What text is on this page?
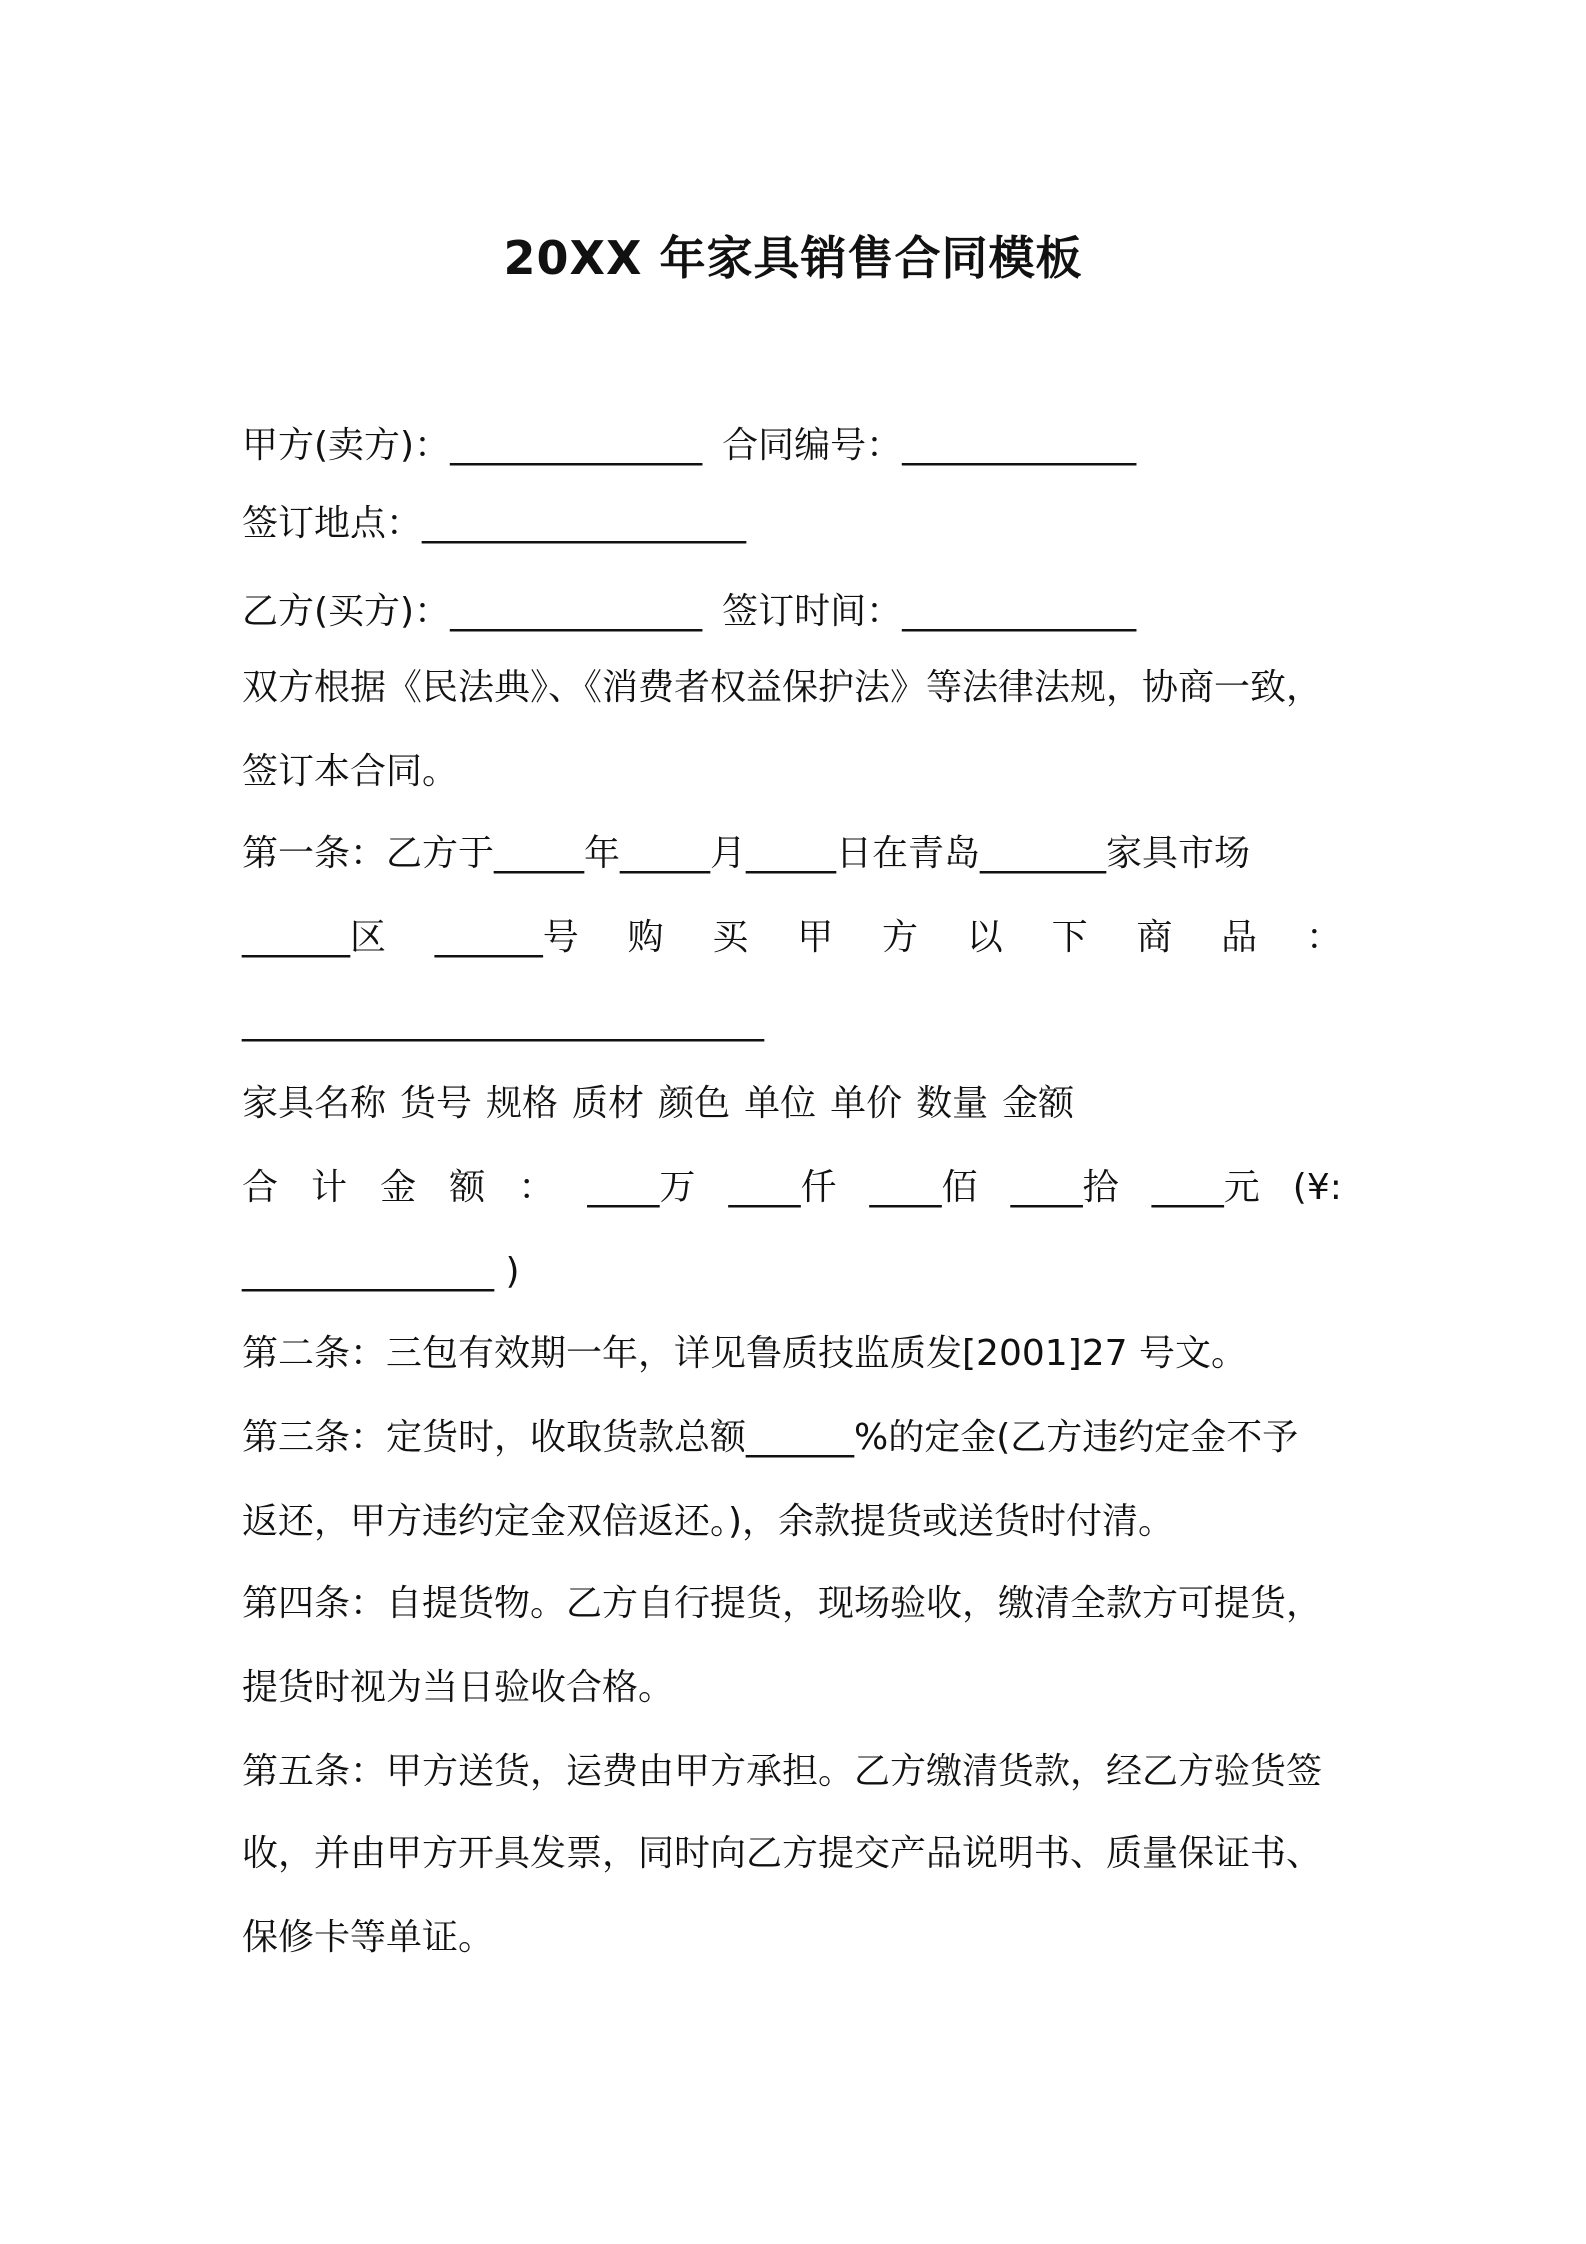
20XX 年家具销售合同模板
甲方(卖方)：______________ 合同编号：_____________
签订地点：__________________
乙方(买方)：______________ 签订时间：_____________
双方根据《民法典》、《消费者权益保护法》等法律法规，协商一致，
签订本合同。
第一条：乙方于_____年_____月_____日在青岛_______家具市场
______区 ______号 购 买 甲 方 以 下 商 品 ：
_____________________________
家具名称 货号 规格 质材 颜色 单位 单价 数量 金额
合 计 金 额 ： ____万 ____仟 ____佰 ____拾 ____元 (¥:
______________ )
第二条：三包有效期一年，详见鲁质技监质发[2001]27 号文。
第三条：定货时，收取货款总额______%的定金(乙方违约定金不予
返还，甲方违约定金双倍返还。)，余款提货或送货时付清。
第四条：自提货物。乙方自行提货，现场验收，缴清全款方可提货，
提货时视为当日验收合格。
第五条：甲方送货，运费由甲方承担。乙方缴清货款，经乙方验货签
收，并由甲方开具发票，同时向乙方提交产品说明书、质量保证书、
保修卡等单证。
